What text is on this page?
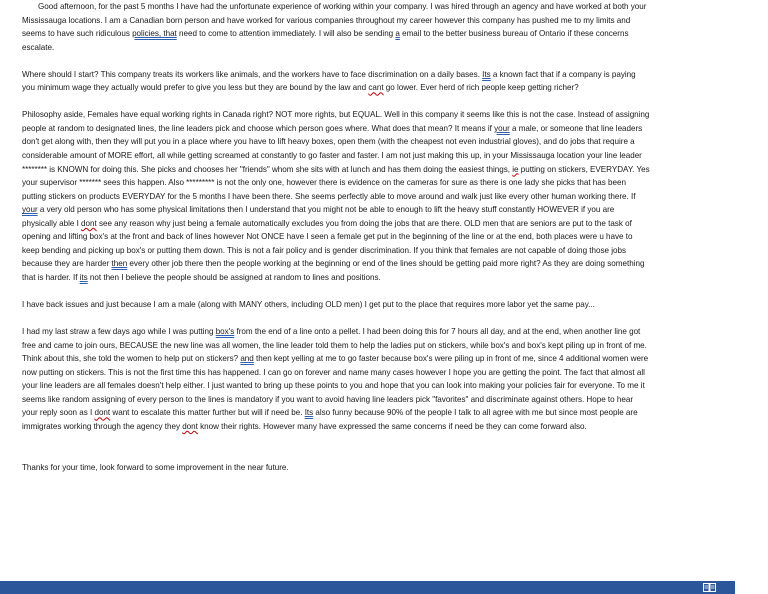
Good afternoon, for the past 5 months I have had the unfortunate experience of working within your company. I was hired through an agency and have worked at both your Mississauga locations. I am a Canadian born person and have worked for various companies throughout my career however this company has pushed me to my limits and seems to have such ridiculous policies, that need to come to attention immediately. I will also be sending a email to the better business bureau of Ontario if these concerns escalate.

Where should I start? This company treats its workers like animals, and the workers have to face discrimination on a daily bases. Its a known fact that if a company is paying you minimum wage they actually would prefer to give you less but they are bound by the law and cant go lower. Ever herd of rich people keep getting richer?

Philosophy aside, Females have equal working rights in Canada right? NOT more rights, but EQUAL. Well in this company it seems like this is not the case. Instead of assigning people at random to designated lines, the line leaders pick and choose which person goes where. What does that mean? It means if your a male, or someone that line leaders don't get along with, then they will put you in a place where you have to lift heavy boxes, open them (with the cheapest not even industrial gloves), and do jobs that require a considerable amount of MORE effort, all while getting screamed at constantly to go faster and faster. I am not just making this up, in your Mississauga location your line leader ******** is KNOWN for doing this. She picks and chooses her "friends" whom she sits with at lunch and has them doing the easiest things, ie putting on stickers, EVERYDAY. Yes your supervisor ******* sees this happen. Also ********* is not the only one, however there is evidence on the cameras for sure as there is one lady she picks that has been putting stickers on products EVERYDAY for the 5 months I have been there. She seems perfectly able to move around and walk just like every other human working there. If your a very old person who has some physical limitations then I understand that you might not be able to enough to lift the heavy stuff constantly HOWEVER if you are physically able I dont see any reason why just being a female automatically excludes you from doing the jobs that are there. OLD men that are seniors are put to the task of opening and lifting box's at the front and back of lines however Not ONCE have I seen a female get put in the beginning of the line or at the end, both places were u have to keep bending and picking up box's or putting them down. This is not a fair policy and is gender discrimination. If you think that females are not capable of doing those jobs because they are harder then every other job there then the people working at the beginning or end of the lines should be getting paid more right? As they are doing something that is harder. If its not then I believe the people should be assigned at random to lines and positions.

I have back issues and just because I am a male (along with MANY others, including OLD men) I get put to the place that requires more labor yet the same pay...

I had my last straw a few days ago while I was putting box's from the end of a line onto a pellet. I had been doing this for 7 hours all day, and at the end, when another line got free and came to join ours, BECAUSE the new line was all women, the line leader told them to help the ladies put on stickers, while box's and box's kept piling up in front of me. Think about this, she told the women to help put on stickers? and then kept yelling at me to go faster because box's were piling up in front of me, since 4 additional women were now putting on stickers. This is not the first time this has happened. I can go on forever and name many cases however I hope you are getting the point. The fact that almost all your line leaders are all females doesn't help either. I just wanted to bring up these points to you and hope that you can look into making your policies fair for everyone. To me it seems like random assigning of every person to the lines is mandatory if you want to avoid having line leaders pick "favorites" and discriminate against others. Hope to hear your reply soon as I dont want to escalate this matter further but will if need be. Its also funny because 90% of the people I talk to all agree with me but since most people are immigrates working through the agency they dont know their rights. However many have expressed the same concerns if need be they can come forward also.

Thanks for your time, look forward to some improvement in the near future.
